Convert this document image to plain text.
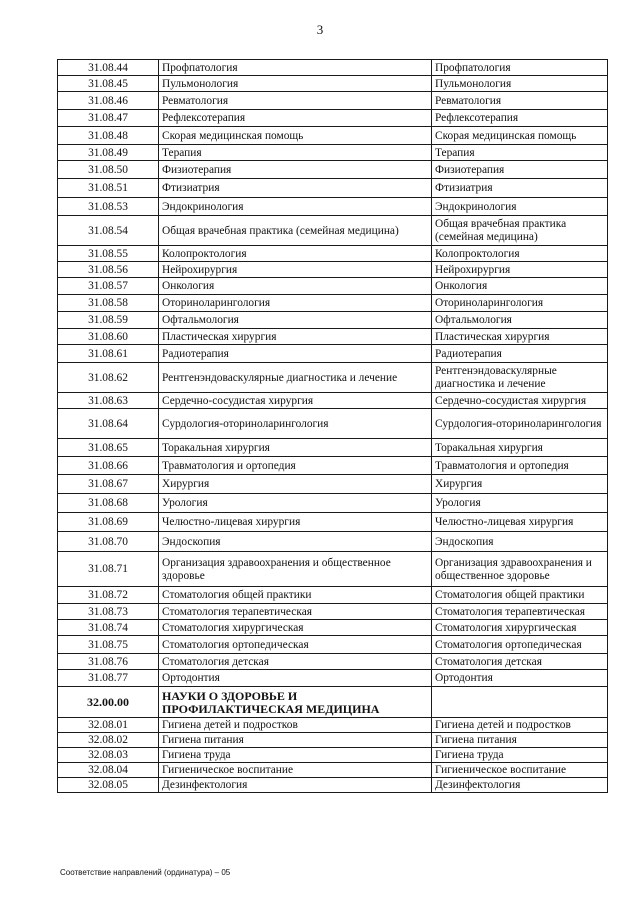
3
31.08.44	Профпатология	Профпатология
31.08.45	Пульмонология	Пульмонология
31.08.46	Ревматология	Ревматология
31.08.47	Рефлексотерапия	Рефлексотерапия
31.08.48	Скорая медицинская помощь	Скорая медицинская помощь
31.08.49	Терапия	Терапия
31.08.50	Физиотерапия	Физиотерапия
31.08.51	Фтизиатрия	Фтизиатрия
31.08.53	Эндокринология	Эндокринология
31.08.54	Общая врачебная практика (семейная медицина)	Общая врачебная практика (семейная медицина)
31.08.55	Колопроктология	Колопроктология
31.08.56	Нейрохирургия	Нейрохирургия
31.08.57	Онкология	Онкология
31.08.58	Оториноларингология	Оториноларингология
31.08.59	Офтальмология	Офтальмология
31.08.60	Пластическая хирургия	Пластическая хирургия
31.08.61	Радиотерапия	Радиотерапия
31.08.62	Рентгенэндоваскулярные диагностика и лечение	Рентгенэндоваскулярные диагностика и лечение
31.08.63	Сердечно-сосудистая хирургия	Сердечно-сосудистая хирургия
31.08.64	Сурдология-оториноларингология	Сурдология-оториноларингология
31.08.65	Торакальная хирургия	Торакальная хирургия
31.08.66	Травматология и ортопедия	Травматология и ортопедия
31.08.67	Хирургия	Хирургия
31.08.68	Урология	Урология
31.08.69	Челюстно-лицевая хирургия	Челюстно-лицевая хирургия
31.08.70	Эндоскопия	Эндоскопия
31.08.71	Организация здравоохранения и общественное здоровье	Организация здравоохранения и общественное здоровье
31.08.72	Стоматология общей практики	Стоматология общей практики
31.08.73	Стоматология терапевтическая	Стоматология терапевтическая
31.08.74	Стоматология хирургическая	Стоматология хирургическая
31.08.75	Стоматология ортопедическая	Стоматология ортопедическая
31.08.76	Стоматология детская	Стоматология детская
31.08.77	Ортодонтия	Ортодонтия
32.00.00	НАУКИ О ЗДОРОВЬЕ И ПРОФИЛАКТИЧЕСКАЯ МЕДИЦИНА	
32.08.01	Гигиена детей и подростков	Гигиена детей и подростков
32.08.02	Гигиена питания	Гигиена питания
32.08.03	Гигиена труда	Гигиена труда
32.08.04	Гигиеническое воспитание	Гигиеническое воспитание
32.08.05	Дезинфектология	Дезинфектология
Соответствие направлений (ординатура) – 05
